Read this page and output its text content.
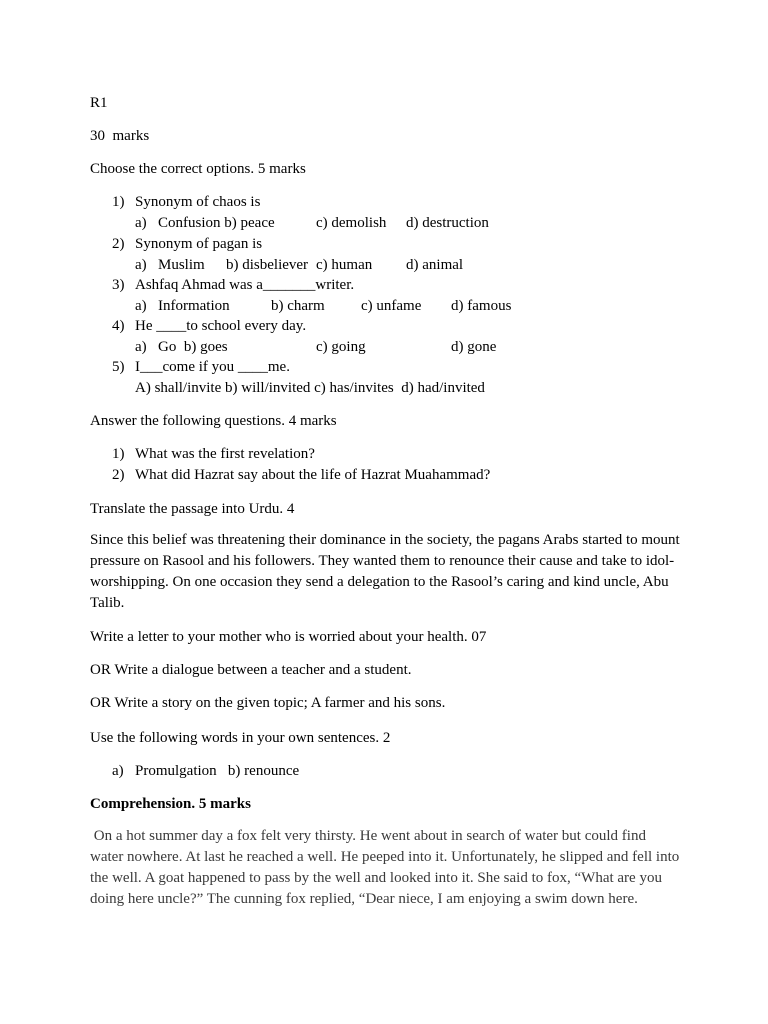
R1
30  marks
Choose the correct options. 5 marks
1) Synonym of chaos is
a) Confusion b) peace	c) demolish d) destruction
2) Synonym of pagan is
a) Muslim b) disbeliever c) human d) animal
3) Ashfaq Ahmad was a_______writer.
a) Information	b) charm c) unfame d) famous
4) He ____to school every day.
a) Go  b) goes	c) going	d) gone
5) I___come if you ____me.
A) shall/invite b) will/invited c) has/invites  d) had/invited
Answer the following questions. 4 marks
1) What was the first revelation?
2) What did Hazrat say about the life of Hazrat Muahammad?
Translate the passage into Urdu. 4
Since this belief was threatening their dominance in the society, the pagans Arabs started to mount pressure on Rasool and his followers. They wanted them to renounce their cause and take to idol-worshipping. On one occasion they send a delegation to the Rasool’s caring and kind uncle, Abu Talib.
Write a letter to your mother who is worried about your health. 07
OR Write a dialogue between a teacher and a student.
OR Write a story on the given topic; A farmer and his sons.
Use the following words in your own sentences. 2
a) Promulgation   b) renounce
Comprehension. 5 marks
On a hot summer day a fox felt very thirsty. He went about in search of water but could find water nowhere. At last he reached a well. He peeped into it. Unfortunately, he slipped and fell into the well. A goat happened to pass by the well and looked into it. She said to fox, “What are you doing here uncle?” The cunning fox replied, “Dear niece, I am enjoying a swim down here.
